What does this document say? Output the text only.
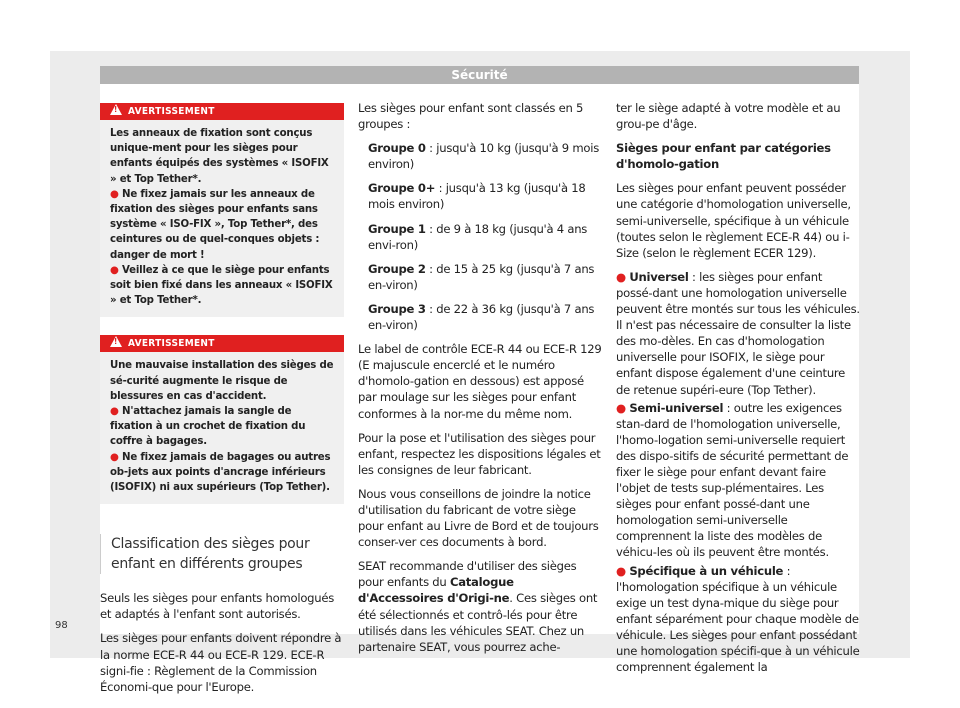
Sécurité
!AVERTISSEMENT

Les anneaux de fixation sont conçus unique-ment pour les sièges pour enfants équipés des systèmes « ISOFIX » et Top Tether*.

● Ne fixez jamais sur les anneaux de fixation des sièges pour enfants sans système « ISO-FIX », Top Tether*, des ceintures ou de quel-conques objets : danger de mort !

● Veillez à ce que le siège pour enfants soit bien fixé dans les anneaux « ISOFIX » et Top Tether*.

!AVERTISSEMENT

Une mauvaise installation des sièges de sé-curité augmente le risque de blessures en cas d'accident.

● N'attachez jamais la sangle de fixation à un crochet de fixation du coffre à bagages.

● Ne fixez jamais de bagages ou autres ob-jets aux points d'ancrage inférieurs (ISOFIX) ni aux supérieurs (Top Tether).

Classification des sièges pour enfant en différents groupes

Seuls les sièges pour enfants homologués et adaptés à l'enfant sont autorisés.

Les sièges pour enfants doivent répondre à la norme ECE-R 44 ou ECE-R 129. ECE-R signi-fie : Règlement de la Commission Économi-que pour l'Europe.

Les sièges pour enfant sont classés en 5 groupes :

Groupe 0 : jusqu'à 10 kg (jusqu'à 9 mois environ)

Groupe 0+ : jusqu'à 13 kg (jusqu'à 18 mois environ)

Groupe 1 : de 9 à 18 kg (jusqu'à 4 ans envi-ron)

Groupe 2 : de 15 à 25 kg (jusqu'à 7 ans en-viron)

Groupe 3 : de 22 à 36 kg (jusqu'à 7 ans en-viron)

Le label de contrôle ECE-R 44 ou ECE-R 129 (E majuscule encerclé et le numéro d'homolo-gation en dessous) est apposé par moulage sur les sièges pour enfant conformes à la nor-me du même nom.

Pour la pose et l'utilisation des sièges pour enfant, respectez les dispositions légales et les consignes de leur fabricant.

Nous vous conseillons de joindre la notice d'utilisation du fabricant de votre siège pour enfant au Livre de Bord et de toujours conser-ver ces documents à bord.

SEAT recommande d'utiliser des sièges pour enfants du Catalogue d'Accessoires d'Origi-ne. Ces sièges ont été sélectionnés et contrô-lés pour être utilisés dans les véhicules SEAT. Chez un partenaire SEAT, vous pourrez ache-

ter le siège adapté à votre modèle et au grou-pe d'âge.

Sièges pour enfant par catégories d'homolo-gation

Les sièges pour enfant peuvent posséder une catégorie d'homologation universelle, semi-universelle, spécifique à un véhicule (toutes selon le règlement ECE-R 44) ou i-Size (selon le règlement ECER 129).

● Universel : les sièges pour enfant possé-dant une homologation universelle peuvent être montés sur tous les véhicules. Il n'est pas nécessaire de consulter la liste des mo-dèles. En cas d'homologation universelle pour ISOFIX, le siège pour enfant dispose également d'une ceinture de retenue supéri-eure (Top Tether).

● Semi-universel : outre les exigences stan-dard de l'homologation universelle, l'homo-logation semi-universelle requiert des dispo-sitifs de sécurité permettant de fixer le siège pour enfant devant faire l'objet de tests sup-plémentaires. Les sièges pour enfant possé-dant une homologation semi-universelle comprennent la liste des modèles de véhicu-les où ils peuvent être montés.

● Spécifique à un véhicule : l'homologation spécifique à un véhicule exige un test dyna-mique du siège pour enfant séparément pour chaque modèle de véhicule. Les sièges pour enfant possédant une homologation spécifi-que à un véhicule comprennent également la

98
